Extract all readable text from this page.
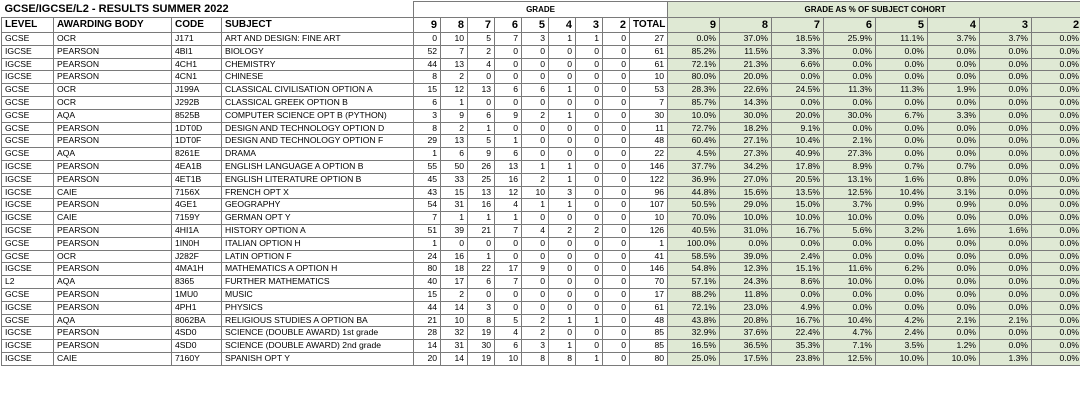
GCSE/IGCSE/L2 - RESULTS SUMMER 2022				GRADE									GRADE AS % OF SUBJECT COHORT							
LEVEL	AWARDING BODY	CODE	SUBJECT	9	8	7	6	5	4	3	2	TOTAL	9	8	7	6	5	4	3	2
GCSE	OCR	J171	ART AND DESIGN: FINE ART	0	10	5	7	3	1	1	0	27	0.0%	37.0%	18.5%	25.9%	11.1%	3.7%	3.7%	0.0%
IGCSE	PEARSON	4BI1	BIOLOGY	52	7	2	0	0	0	0	0	61	85.2%	11.5%	3.3%	0.0%	0.0%	0.0%	0.0%	0.0%
IGCSE	PEARSON	4CH1	CHEMISTRY	44	13	4	0	0	0	0	0	61	72.1%	21.3%	6.6%	0.0%	0.0%	0.0%	0.0%	0.0%
IGCSE	PEARSON	4CN1	CHINESE	8	2	0	0	0	0	0	0	10	80.0%	20.0%	0.0%	0.0%	0.0%	0.0%	0.0%	0.0%
GCSE	OCR	J199A	CLASSICAL CIVILISATION OPTION A	15	12	13	6	6	1	0	0	53	28.3%	22.6%	24.5%	11.3%	11.3%	1.9%	0.0%	0.0%
GCSE	OCR	J292B	CLASSICAL GREEK OPTION B	6	1	0	0	0	0	0	0	7	85.7%	14.3%	0.0%	0.0%	0.0%	0.0%	0.0%	0.0%
GCSE	AQA	8525B	COMPUTER SCIENCE OPT B (PYTHON)	3	9	6	9	2	1	0	0	30	10.0%	30.0%	20.0%	30.0%	6.7%	3.3%	0.0%	0.0%
GCSE	PEARSON	1DT0D	DESIGN AND TECHNOLOGY OPTION D	8	2	1	0	0	0	0	0	11	72.7%	18.2%	9.1%	0.0%	0.0%	0.0%	0.0%	0.0%
GCSE	PEARSON	1DT0F	DESIGN AND TECHNOLOGY OPTION F	29	13	5	1	0	0	0	0	48	60.4%	27.1%	10.4%	2.1%	0.0%	0.0%	0.0%	0.0%
GCSE	AQA	8261E	DRAMA	1	6	9	6	0	0	0	0	22	4.5%	27.3%	40.9%	27.3%	0.0%	0.0%	0.0%	0.0%
IGCSE	PEARSON	4EA1B	ENGLISH LANGUAGE A OPTION B	55	50	26	13	1	1	0	0	146	37.7%	34.2%	17.8%	8.9%	0.7%	0.7%	0.0%	0.0%
IGCSE	PEARSON	4ET1B	ENGLISH LITERATURE OPTION B	45	33	25	16	2	1	0	0	122	36.9%	27.0%	20.5%	13.1%	1.6%	0.8%	0.0%	0.0%
IGCSE	CAIE	7156X	FRENCH OPT X	43	15	13	12	10	3	0	0	96	44.8%	15.6%	13.5%	12.5%	10.4%	3.1%	0.0%	0.0%
IGCSE	PEARSON	4GE1	GEOGRAPHY	54	31	16	4	1	1	0	0	107	50.5%	29.0%	15.0%	3.7%	0.9%	0.9%	0.0%	0.0%
IGCSE	CAIE	7159Y	GERMAN OPT Y	7	1	1	1	0	0	0	0	10	70.0%	10.0%	10.0%	10.0%	0.0%	0.0%	0.0%	0.0%
IGCSE	PEARSON	4HI1A	HISTORY OPTION A	51	39	21	7	4	2	2	0	126	40.5%	31.0%	16.7%	5.6%	3.2%	1.6%	1.6%	0.0%
GCSE	PEARSON	1IN0H	ITALIAN OPTION H	1	0	0	0	0	0	0	0	1	100.0%	0.0%	0.0%	0.0%	0.0%	0.0%	0.0%	0.0%
GCSE	OCR	J282F	LATIN OPTION F	24	16	1	0	0	0	0	0	41	58.5%	39.0%	2.4%	0.0%	0.0%	0.0%	0.0%	0.0%
IGCSE	PEARSON	4MA1H	MATHEMATICS A OPTION H	80	18	22	17	9	0	0	0	146	54.8%	12.3%	15.1%	11.6%	6.2%	0.0%	0.0%	0.0%
L2	AQA	8365	FURTHER MATHEMATICS	40	17	6	7	0	0	0	0	70	57.1%	24.3%	8.6%	10.0%	0.0%	0.0%	0.0%	0.0%
GCSE	PEARSON	1MU0	MUSIC	15	2	0	0	0	0	0	0	17	88.2%	11.8%	0.0%	0.0%	0.0%	0.0%	0.0%	0.0%
IGCSE	PEARSON	4PH1	PHYSICS	44	14	3	0	0	0	0	0	61	72.1%	23.0%	4.9%	0.0%	0.0%	0.0%	0.0%	0.0%
GCSE	AQA	8062BA	RELIGIOUS STUDIES A OPTION BA	21	10	8	5	2	1	1	0	48	43.8%	20.8%	16.7%	10.4%	4.2%	2.1%	2.1%	0.0%
IGCSE	PEARSON	4SD0	SCIENCE (DOUBLE AWARD) 1st grade	28	32	19	4	2	0	0	0	85	32.9%	37.6%	22.4%	4.7%	2.4%	0.0%	0.0%	0.0%
IGCSE	PEARSON	4SD0	SCIENCE (DOUBLE AWARD) 2nd grade	14	31	30	6	3	1	0	0	85	16.5%	36.5%	35.3%	7.1%	3.5%	1.2%	0.0%	0.0%
IGCSE	CAIE	7160Y	SPANISH OPT Y	20	14	19	10	8	8	1	0	80	25.0%	17.5%	23.8%	12.5%	10.0%	10.0%	1.3%	0.0%
